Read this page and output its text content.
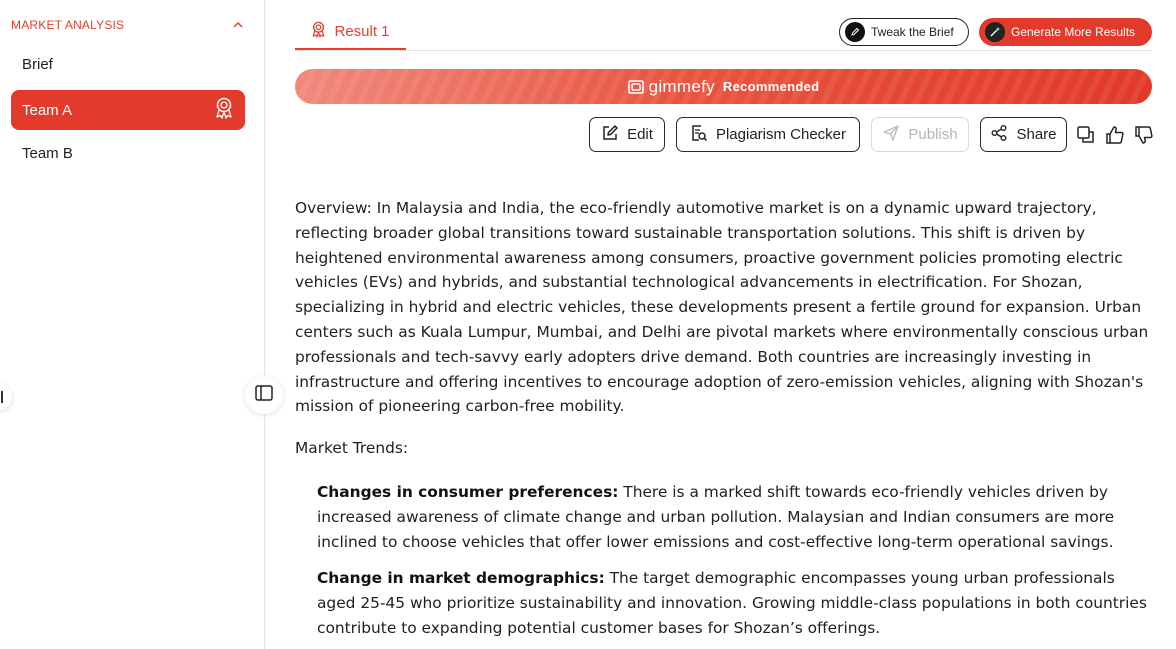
MARKET ANALYSIS
Brief
Team A
Team B
Result 1	Tweak the Brief	Generate More Results
gimmefy Recommended
Edit	Plagiarism Checker	Publish	Share

Overview: In Malaysia and India, the eco-friendly automotive market is on a dynamic upward trajectory, reflecting broader global transitions toward sustainable transportation solutions. This shift is driven by heightened environmental awareness among consumers, proactive government policies promoting electric vehicles (EVs) and hybrids, and substantial technological advancements in electrification. For Shozan, specializing in hybrid and electric vehicles, these developments present a fertile ground for expansion. Urban centers such as Kuala Lumpur, Mumbai, and Delhi are pivotal markets where environmentally conscious urban professionals and tech-savvy early adopters drive demand. Both countries are increasingly investing in infrastructure and offering incentives to encourage adoption of zero-emission vehicles, aligning with Shozan's mission of pioneering carbon-free mobility.

Market Trends:

Changes in consumer preferences: There is a marked shift towards eco-friendly vehicles driven by increased awareness of climate change and urban pollution. Malaysian and Indian consumers are more inclined to choose vehicles that offer lower emissions and cost-effective long-term operational savings.

Change in market demographics: The target demographic encompasses young urban professionals aged 25-45 who prioritize sustainability and innovation. Growing middle-class populations in both countries contribute to expanding potential customer bases for Shozan’s offerings.
